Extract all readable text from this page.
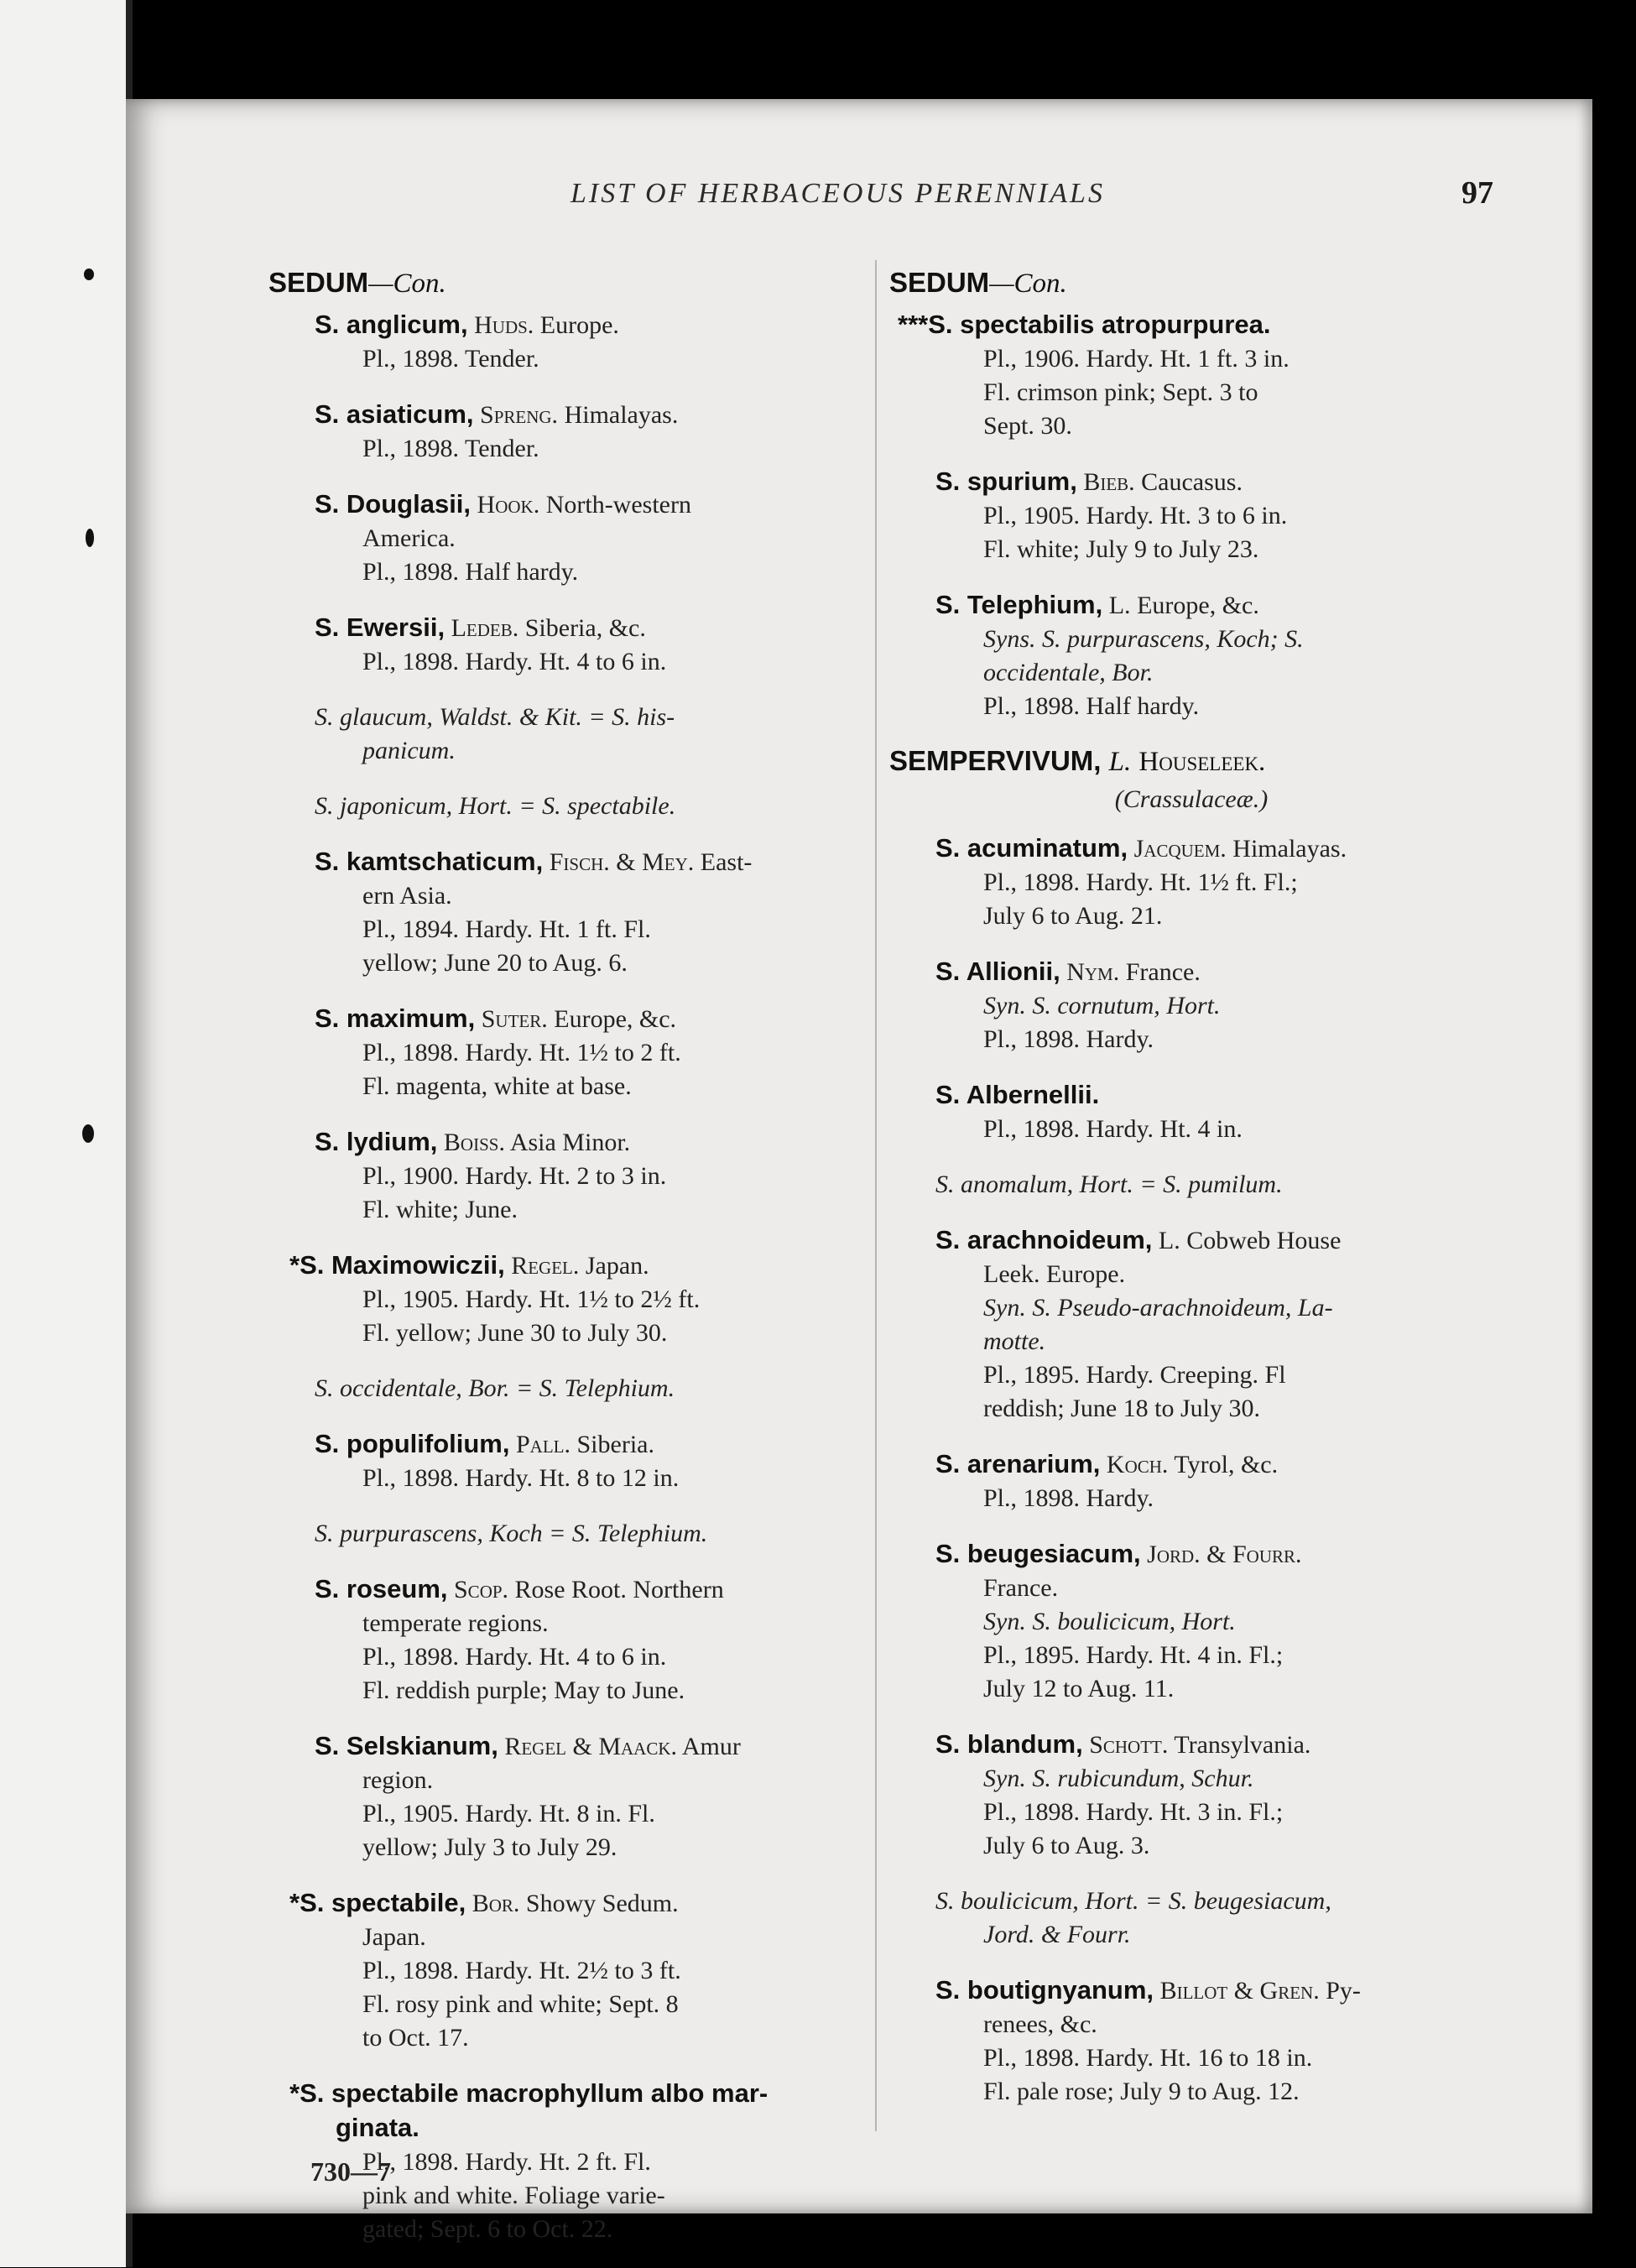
LIST OF HERBACEOUS PERENNIALS	97
SEDUM—Con.
S. anglicum, Huds. Europe.
Pl., 1898. Tender.
S. asiaticum, Spreng. Himalayas.
Pl., 1898. Tender.
S. Douglasii, Hook. North-western
America.
Pl., 1898. Half hardy.
S. Ewersii, Ledeb. Siberia, &c.
Pl., 1898. Hardy. Ht. 4 to 6 in.
S. glaucum, Waldst. & Kit. = S. his-
panicum.
S. japonicum, Hort. = S. spectabile.
S. kamtschaticum, Fisch. & Mey. East-
ern Asia.
Pl., 1894. Hardy. Ht. 1 ft. Fl.
yellow; June 20 to Aug. 6.
S. maximum, Suter. Europe, &c.
Pl., 1898. Hardy. Ht. 1½ to 2 ft.
Fl. magenta, white at base.
S. lydium, Boiss. Asia Minor.
Pl., 1900. Hardy. Ht. 2 to 3 in.
Fl. white; June.
*S. Maximowiczii, Regel. Japan.
Pl., 1905. Hardy. Ht. 1½ to 2½ ft.
Fl. yellow; June 30 to July 30.
S. occidentale, Bor. = S. Telephium.
S. populifolium, Pall. Siberia.
Pl., 1898. Hardy. Ht. 8 to 12 in.
S. purpurascens, Koch = S. Telephium.
S. roseum, Scop. Rose Root. Northern
temperate regions.
Pl., 1898. Hardy. Ht. 4 to 6 in.
Fl. reddish purple; May to June.
S. Selskianum, Regel & Maack. Amur
region.
Pl., 1905. Hardy. Ht. 8 in. Fl.
yellow; July 3 to July 29.
*S. spectabile, Bor. Showy Sedum.
Japan.
Pl., 1898. Hardy. Ht. 2½ to 3 ft.
Fl. rosy pink and white; Sept. 8
to Oct. 17.
*S. spectabile macrophyllum albo mar-
ginata.
Pl., 1898. Hardy. Ht. 2 ft. Fl.
pink and white. Foliage varie-
gated; Sept. 6 to Oct. 22.
SEDUM—Con.
***S. spectabilis atropurpurea.
Pl., 1906. Hardy. Ht. 1 ft. 3 in.
Fl. crimson pink; Sept. 3 to
Sept. 30.
S. spurium, Bieb. Caucasus.
Pl., 1905. Hardy. Ht. 3 to 6 in.
Fl. white; July 9 to July 23.
S. Telephium, L. Europe, &c.
Syns. S. purpurascens, Koch; S.
occidentale, Bor.
Pl., 1898. Half hardy.
SEMPERVIVUM, L. Houseleek.
(Crassulaceæ.)
S. acuminatum, Jacquem. Himalayas.
Pl., 1898. Hardy. Ht. 1½ ft. Fl.;
July 6 to Aug. 21.
S. Allionii, Nym. France.
Syn. S. cornutum, Hort.
Pl., 1898. Hardy.
S. Albernellii.
Pl., 1898. Hardy. Ht. 4 in.
S. anomalum, Hort. = S. pumilum.
S. arachnoideum, L. Cobweb House
Leek. Europe.
Syn. S. Pseudo-arachnoideum, La-
motte.
Pl., 1895. Hardy. Creeping. Fl
reddish; June 18 to July 30.
S. arenarium, Koch. Tyrol, &c.
Pl., 1898. Hardy.
S. beugesiacum, Jord. & Fourr.
France.
Syn. S. boulicicum, Hort.
Pl., 1895. Hardy. Ht. 4 in. Fl.;
July 12 to Aug. 11.
S. blandum, Schott. Transylvania.
Syn. S. rubicundum, Schur.
Pl., 1898. Hardy. Ht. 3 in. Fl.;
July 6 to Aug. 3.
S. boulicicum, Hort. = S. beugesiacum,
Jord. & Fourr.
S. boutignyanum, Billot & Gren. Py-
renees, &c.
Pl., 1898. Hardy. Ht. 16 to 18 in.
Fl. pale rose; July 9 to Aug. 12.
730—7
